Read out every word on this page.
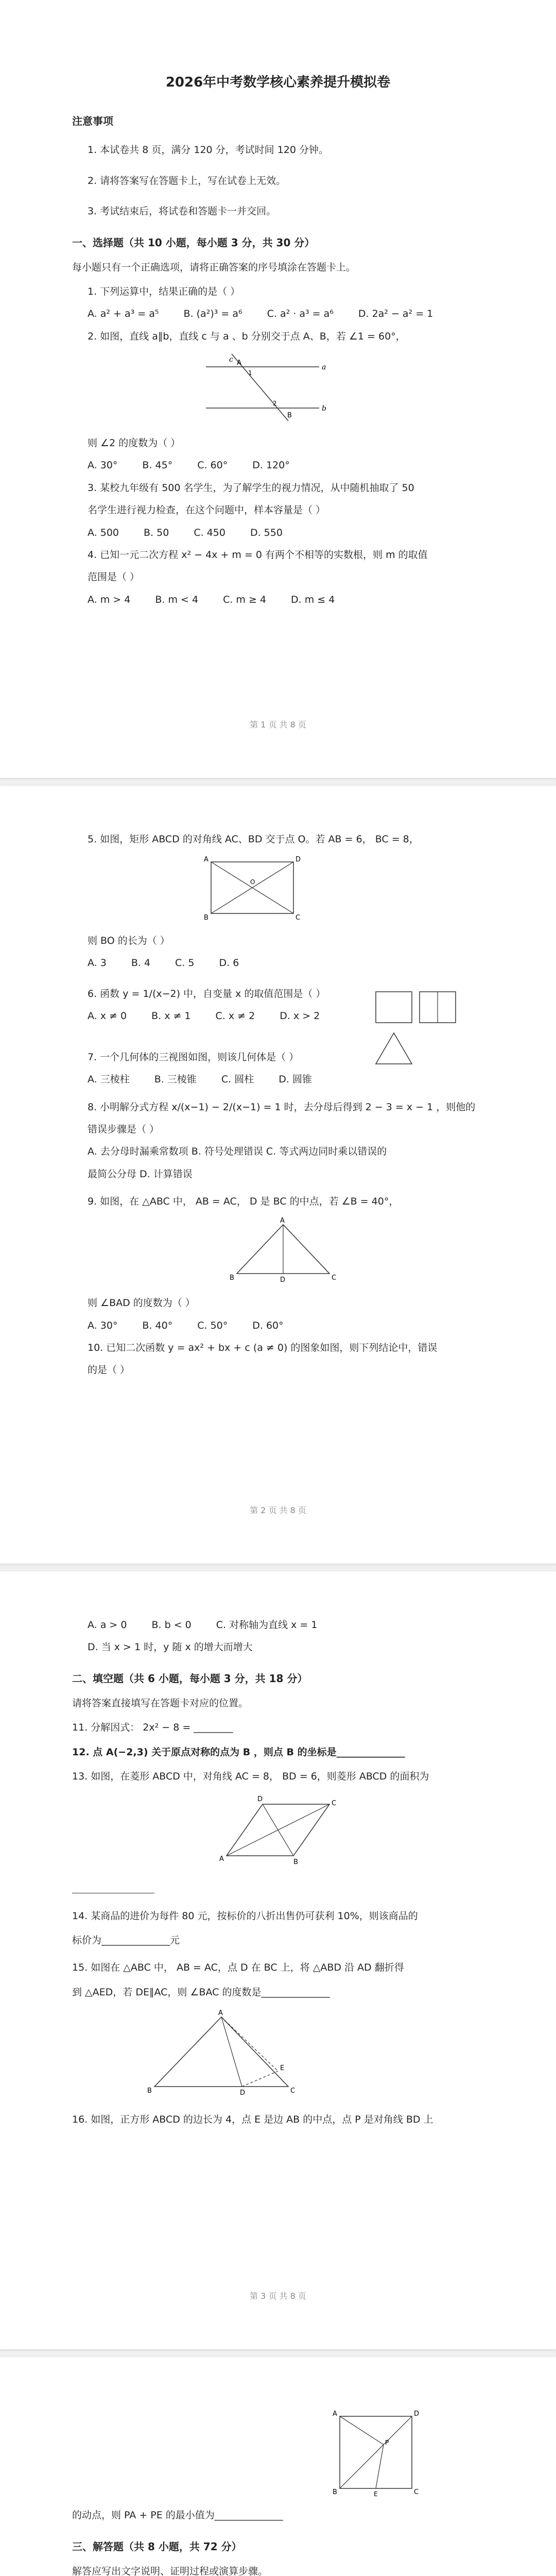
2026年中考数学核心素养提升模拟卷
注意事项
1. 本试卷共 8 页，满分 120 分，考试时间 120 分钟。
2. 请将答案写在答题卡上，写在试卷上无效。
3. 考试结束后，将试卷和答题卡一并交回。
一、选择题（共 10 小题，每小题 3 分，共 30 分）
每小题只有一个正确选项，请将正确答案的序号填涂在答题卡上。
1. 下列运算中，结果正确的是（ ）
A. a² + a³ = a⁵	B. (a²)³ = a⁶	C. a² · a³ = a⁶	D. 2a² − a² = 1
2. 如图，直线 a∥b，直线 c 与 a 、b 分别交于点 A、B，若 ∠1 = 60°，
a
b
c A
B
1
2
则 ∠2 的度数为（ ）
A. 30°	B. 45°	C. 60°	D. 120°
3. 某校九年级有 500 名学生，为了解学生的视力情况，从中随机抽取了 50
名学生进行视力检查，在这个问题中，样本容量是（ ）
A. 500	B. 50	C. 450	D. 550
4. 已知一元二次方程 x² − 4x + m = 0 有两个不相等的实数根，则 m 的取值
范围是（ ）
A. m > 4	B. m < 4	C. m ≥ 4	D. m ≤ 4
第 1 页 共 8 页
5. 如图，矩形 ABCD 的对角线 AC、BD 交于点 O。若 AB = 6， BC = 8，
A	D
B	C
O
则 BO 的长为（ ）
A. 3	B. 4	C. 5	D. 6
6. 函数 y = 1/(x−2) 中，自变量 x 的取值范围是（ ）
A. x ≠ 0	B. x ≠ 1	C. x ≠ 2	D. x > 2
7. 一个几何体的三视图如图，则该几何体是（ ）
A. 三棱柱	B. 三棱锥	C. 圆柱	D. 圆锥
8. 小明解分式方程 x/(x−1) − 2/(x−1) = 1 时，去分母后得到 2 − 3 = x − 1 ，则他的
错误步骤是（ ）
A. 去分母时漏乘常数项 B. 符号处理错误 C. 等式两边同时乘以错误的
最简公分母 D. 计算错误
9. 如图，在 △ABC 中， AB = AC， D 是 BC 的中点，若 ∠B = 40°，
A
B	D	C
则 ∠BAD 的度数为（ ）
A. 30°	B. 40°	C. 50°	D. 60°
10. 已知二次函数 y = ax² + bx + c (a ≠ 0) 的图象如图，则下列结论中，错误
的是（ ）
第 2 页 共 8 页
A. a > 0	B. b < 0	C. 对称轴为直线 x = 1
D. 当 x > 1 时，y 随 x 的增大而增大
二、填空题（共 6 小题，每小题 3 分，共 18 分）
请将答案直接填写在答题卡对应的位置。
11. 分解因式： 2x² − 8 = ________
12. 点 A(−2,3) 关于原点对称的点为 B ，则点 B 的坐标是______________
13. 如图，在菱形 ABCD 中，对角线 AC = 8， BD = 6，则菱形 ABCD 的面积为
A	B
C
D
14. 某商品的进价为每件 80 元，按标价的八折出售仍可获利 10%，则该商品的
标价为______________元
15. 如图在 △ABC 中， AB = AC，点 D 在 BC 上，将 △ABD 沿 AD 翻折得
到 △AED，若 DE∥AC，则 ∠BAC 的度数是______________
A
B	D	C
E
16. 如图，正方形 ABCD 的边长为 4，点 E 是边 AB 的中点，点 P 是对角线 BD 上
第 3 页 共 8 页
A	D
B	C
E
P
的动点，则 PA + PE 的最小值为______________
三、解答题（共 8 小题，共 72 分）
解答应写出文字说明、证明过程或演算步骤。
